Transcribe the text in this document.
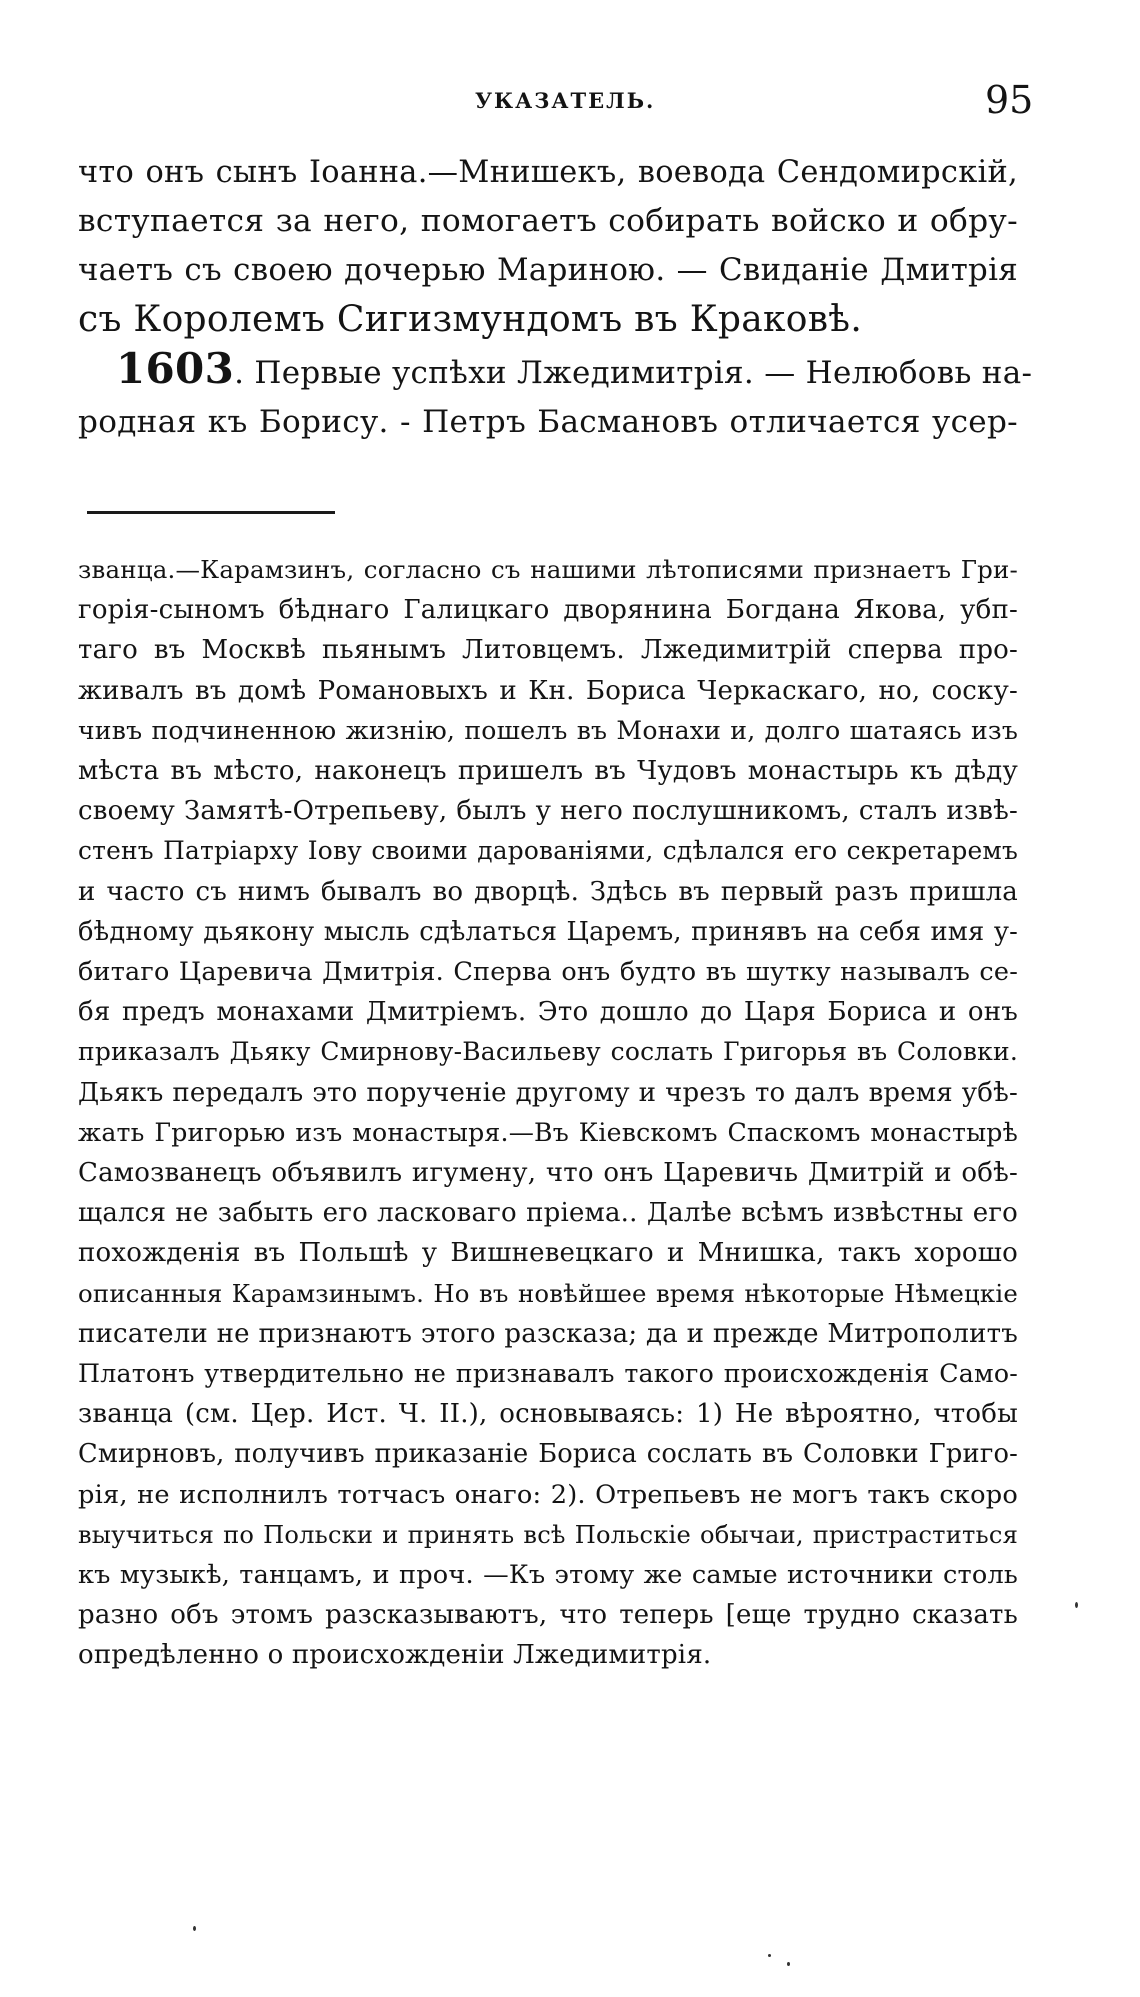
УКАЗАТЕЛЬ.	95
что онъ сынъ Іоанна.—Мнишекъ, воевода Сендомирскій,
вступается за него, помогаетъ собирать войско и обру-
чаетъ съ своею дочерью Мариною. — Свиданіе Дмитрія
съ Королемъ Сигизмундомъ въ Краковѣ.
1603. Первые успѣхи Лжедимитрія. — Нелюбовь на-
родная къ Борису. - Петръ Басмановъ отличается усер-
званца.—Карамзинъ, согласно съ нашими лѣтописями признаетъ Гри-
горія-сыномъ бѣднаго Галицкаго дворянина Богдана Якова, убп-
таго въ Москвѣ пьянымъ Литовцемъ. Лжедимитрій сперва про-
живалъ въ домѣ Романовыхъ и Кн. Бориса Черкаскаго, но, соску-
чивъ подчиненною жизнію, пошелъ въ Монахи и, долго шатаясь изъ
мѣста въ мѣсто, наконецъ пришелъ въ Чудовъ монастырь къ дѣду
своему Замятѣ-Отрепьеву, былъ у него послушникомъ, сталъ извѣ-
стенъ Патріарху Іову своими дарованіями, сдѣлался его секретаремъ
и часто съ нимъ бывалъ во дворцѣ. Здѣсь въ первый разъ пришла
бѣдному дьякону мысль сдѣлаться Царемъ, принявъ на себя имя у-
битаго Царевича Дмитрія. Сперва онъ будто въ шутку называлъ се-
бя предъ монахами Дмитріемъ. Это дошло до Царя Бориса и онъ
приказалъ Дьяку Смирнову-Васильеву сослать Григорья въ Соловки.
Дьякъ передалъ это порученіе другому и чрезъ то далъ время убѣ-
жать Григорью изъ монастыря.—Въ Кіевскомъ Спаскомъ монастырѣ
Самозванецъ объявилъ игумену, что онъ Царевичь Дмитрій и обѣ-
щался не забыть его ласковаго пріема.. Далѣе всѣмъ извѣстны его
похожденія въ Польшѣ у Вишневецкаго и Мнишка, такъ хорошо
описанныя Карамзинымъ. Но въ новѣйшее время нѣкоторые Нѣмецкіе
писатели не признаютъ этого разсказа; да и прежде Митрополитъ
Платонъ утвердительно не признавалъ такого происхожденія Само-
званца (см. Цер. Ист. Ч. II.), основываясь: 1) Не вѣроятно, чтобы
Смирновъ, получивъ приказаніе Бориса сослать въ Соловки Григо-
рія, не исполнилъ тотчасъ онаго: 2). Отрепьевъ не могъ такъ скоро
выучиться по Польски и принять всѣ Польскіе обычаи, пристраститься
къ музыкѣ, танцамъ, и проч. —Къ этому же самые источники столь
разно объ этомъ разсказываютъ, что теперь [еще трудно сказать
опредѣленно о происхожденіи Лжедимитрія.
